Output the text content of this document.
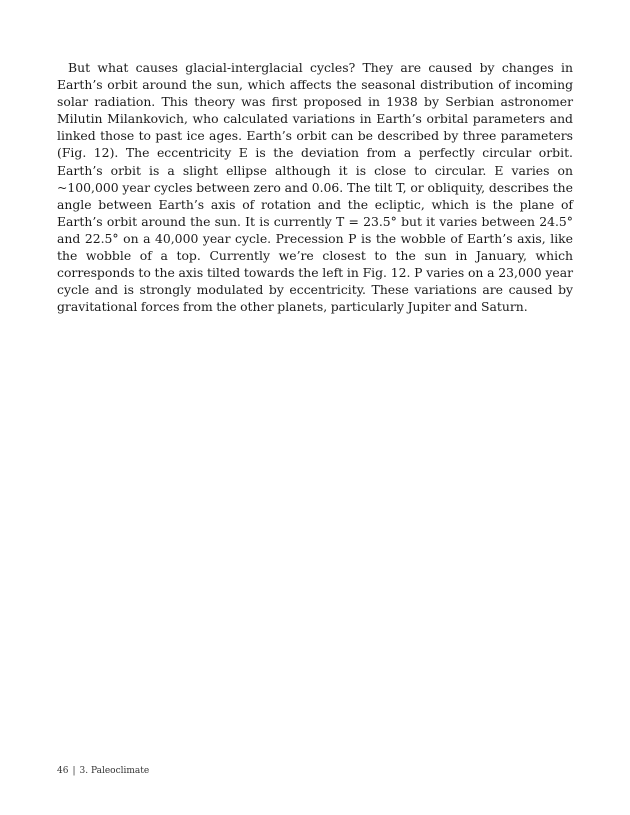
But what causes glacial-interglacial cycles? They are caused by changes in Earth’s orbit around the sun, which affects the seasonal distribution of incoming solar radiation. This theory was first proposed in 1938 by Serbian astronomer Milutin Milankovich, who calculated variations in Earth’s orbital parameters and linked those to past ice ages. Earth’s orbit can be described by three parameters (Fig. 12). The eccentricity E is the deviation from a perfectly circular orbit. Earth’s orbit is a slight ellipse although it is close to circular. E varies on ~100,000 year cycles between zero and 0.06. The tilt T, or obliquity, describes the angle between Earth’s axis of rotation and the ecliptic, which is the plane of Earth’s orbit around the sun. It is currently T = 23.5° but it varies between 24.5° and 22.5° on a 40,000 year cycle. Precession P is the wobble of Earth’s axis, like the wobble of a top. Currently we’re closest to the sun in January, which corresponds to the axis tilted towards the left in Fig. 12. P varies on a 23,000 year cycle and is strongly modulated by eccentricity. These variations are caused by gravitational forces from the other planets, particularly Jupiter and Saturn.

46 | 3. Paleoclimate
